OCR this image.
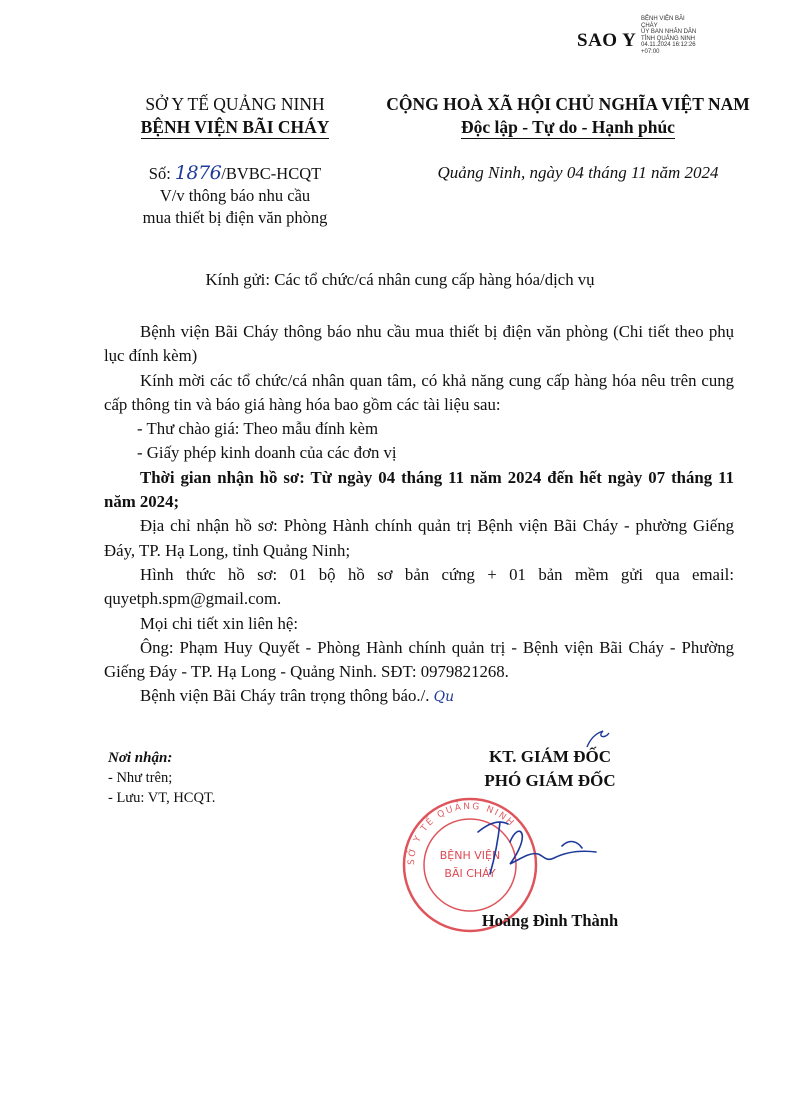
SAO Y
BỆNH VIỆN BÃI
CHÁY
ỦY BAN NHÂN DÂN
TỈNH QUẢNG NINH
04.11.2024 16:12:26
+07:00
SỞ Y TẾ QUẢNG NINH
BỆNH VIỆN BÃI CHÁY
CỘNG HOÀ XÃ HỘI CHỦ NGHĨA VIỆT NAM
Độc lập - Tự do - Hạnh phúc
Số: 1876/BVBC-HCQT
V/v thông báo nhu cầu
mua thiết bị điện văn phòng
Quảng Ninh, ngày 04 tháng 11 năm 2024
Kính gửi: Các tổ chức/cá nhân cung cấp hàng hóa/dịch vụ

Bệnh viện Bãi Cháy thông báo nhu cầu mua thiết bị điện văn phòng (Chi tiết theo phụ lục đính kèm)

Kính mời các tổ chức/cá nhân quan tâm, có khả năng cung cấp hàng hóa nêu trên cung cấp thông tin và báo giá hàng hóa bao gồm các tài liệu sau:

- Thư chào giá: Theo mẫu đính kèm

- Giấy phép kinh doanh của các đơn vị

Thời gian nhận hồ sơ: Từ ngày 04 tháng 11 năm 2024 đến hết ngày 07 tháng 11 năm 2024;

Địa chỉ nhận hồ sơ: Phòng Hành chính quản trị Bệnh viện Bãi Cháy - phường Giếng Đáy, TP. Hạ Long, tỉnh Quảng Ninh;

Hình thức hồ sơ: 01 bộ hồ sơ bản cứng + 01 bản mềm gửi qua email: quyetph.spm@gmail.com.

Mọi chi tiết xin liên hệ:

Ông: Phạm Huy Quyết - Phòng Hành chính quản trị - Bệnh viện Bãi Cháy - Phường Giếng Đáy - TP. Hạ Long - Quảng Ninh. SĐT: 0979821268.

Bệnh viện Bãi Cháy trân trọng thông báo./. Qu

Nơi nhận:
- Như trên;
- Lưu: VT, HCQT.
KT. GIÁM ĐỐC
PHÓ GIÁM ĐỐC
SỞ Y TẾ QUẢNG NINH
BỆNH VIỆN
BÃI CHÁY
Hoàng Đình Thành
